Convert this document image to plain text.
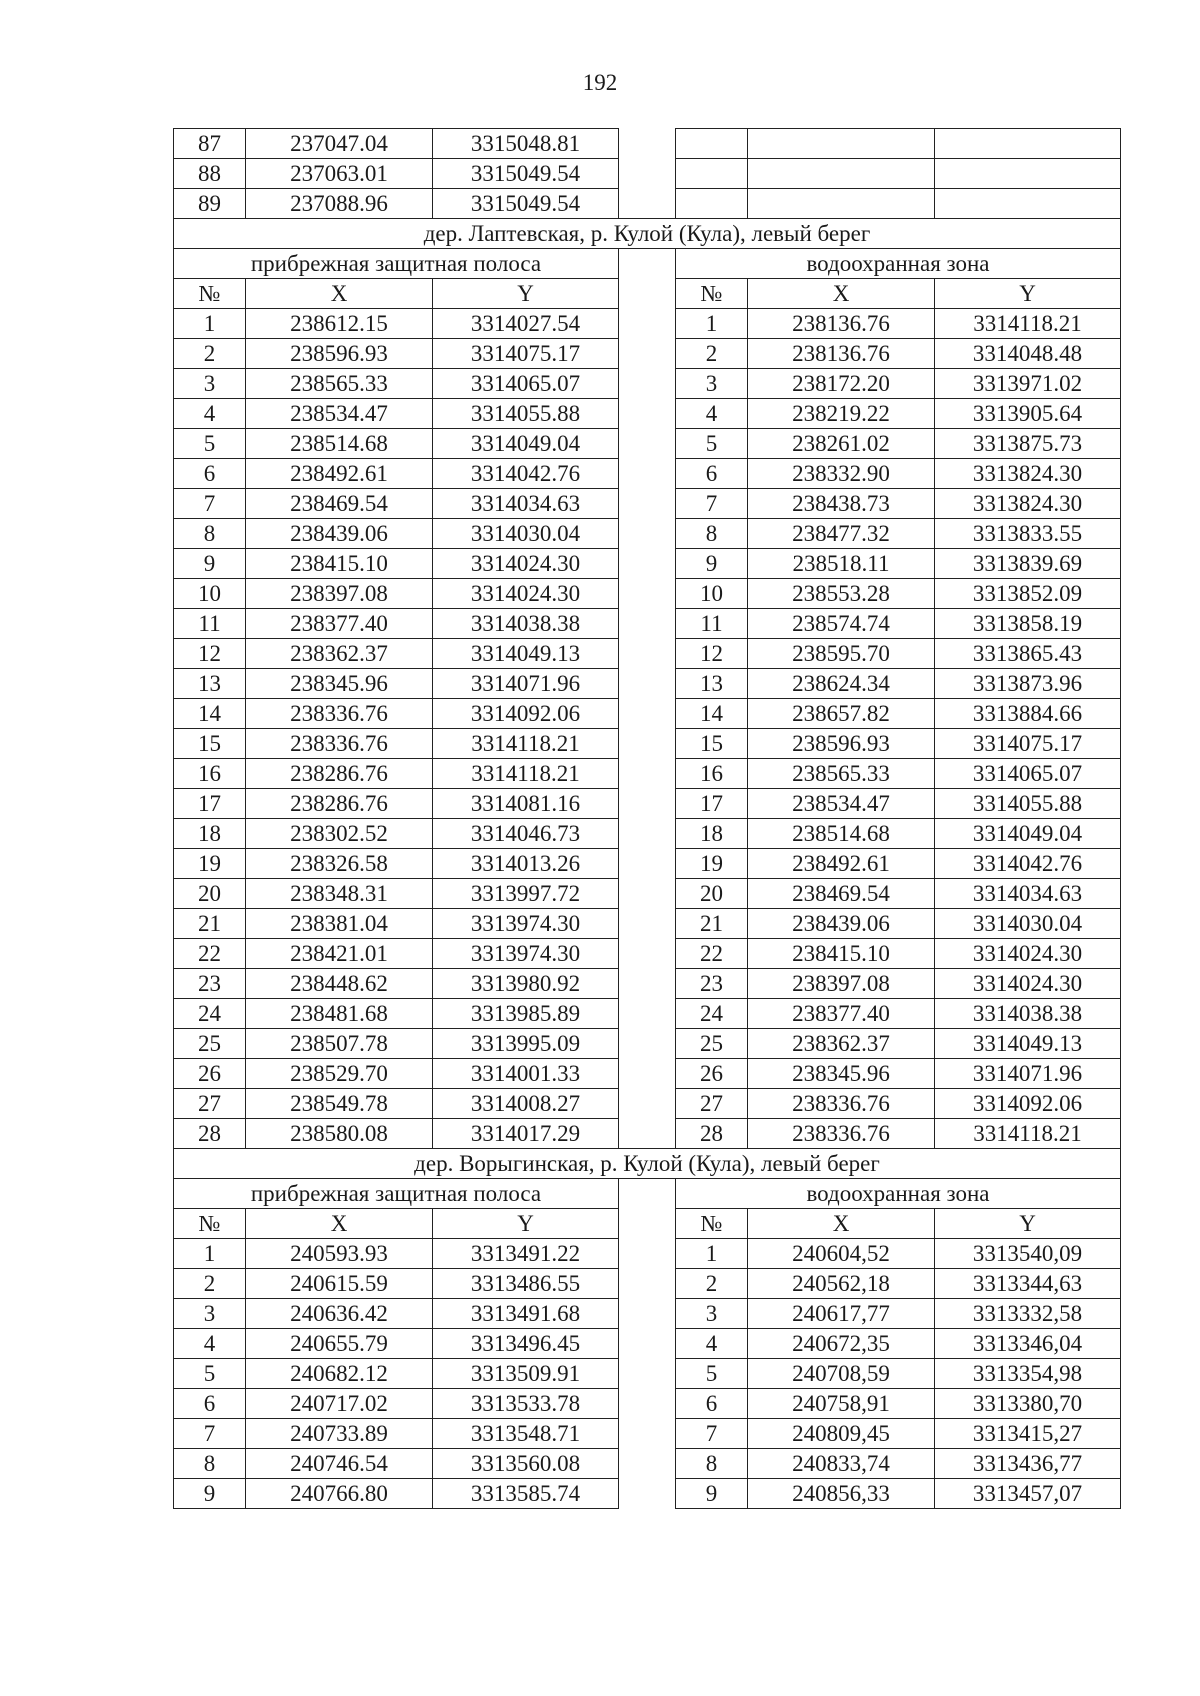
192
87	237047.04	3315048.81				
88	237063.01	3315049.54				
89	237088.96	3315049.54				
дер. Лаптевская, р. Кулой (Кула), левый берег						
прибрежная защитная полоса				водоохранная зона		
№	X	Y		№	X	Y
1	238612.15	3314027.54		1	238136.76	3314118.21
2	238596.93	3314075.17		2	238136.76	3314048.48
3	238565.33	3314065.07		3	238172.20	3313971.02
4	238534.47	3314055.88		4	238219.22	3313905.64
5	238514.68	3314049.04		5	238261.02	3313875.73
6	238492.61	3314042.76		6	238332.90	3313824.30
7	238469.54	3314034.63		7	238438.73	3313824.30
8	238439.06	3314030.04		8	238477.32	3313833.55
9	238415.10	3314024.30		9	238518.11	3313839.69
10	238397.08	3314024.30		10	238553.28	3313852.09
11	238377.40	3314038.38		11	238574.74	3313858.19
12	238362.37	3314049.13		12	238595.70	3313865.43
13	238345.96	3314071.96		13	238624.34	3313873.96
14	238336.76	3314092.06		14	238657.82	3313884.66
15	238336.76	3314118.21		15	238596.93	3314075.17
16	238286.76	3314118.21		16	238565.33	3314065.07
17	238286.76	3314081.16		17	238534.47	3314055.88
18	238302.52	3314046.73		18	238514.68	3314049.04
19	238326.58	3314013.26		19	238492.61	3314042.76
20	238348.31	3313997.72		20	238469.54	3314034.63
21	238381.04	3313974.30		21	238439.06	3314030.04
22	238421.01	3313974.30		22	238415.10	3314024.30
23	238448.62	3313980.92		23	238397.08	3314024.30
24	238481.68	3313985.89		24	238377.40	3314038.38
25	238507.78	3313995.09		25	238362.37	3314049.13
26	238529.70	3314001.33		26	238345.96	3314071.96
27	238549.78	3314008.27		27	238336.76	3314092.06
28	238580.08	3314017.29		28	238336.76	3314118.21
дер. Ворыгинская, р. Кулой (Кула), левый берег						
прибрежная защитная полоса				водоохранная зона		
№	X	Y		№	X	Y
1	240593.93	3313491.22		1	240604,52	3313540,09
2	240615.59	3313486.55		2	240562,18	3313344,63
3	240636.42	3313491.68		3	240617,77	3313332,58
4	240655.79	3313496.45		4	240672,35	3313346,04
5	240682.12	3313509.91		5	240708,59	3313354,98
6	240717.02	3313533.78		6	240758,91	3313380,70
7	240733.89	3313548.71		7	240809,45	3313415,27
8	240746.54	3313560.08		8	240833,74	3313436,77
9	240766.80	3313585.74		9	240856,33	3313457,07
